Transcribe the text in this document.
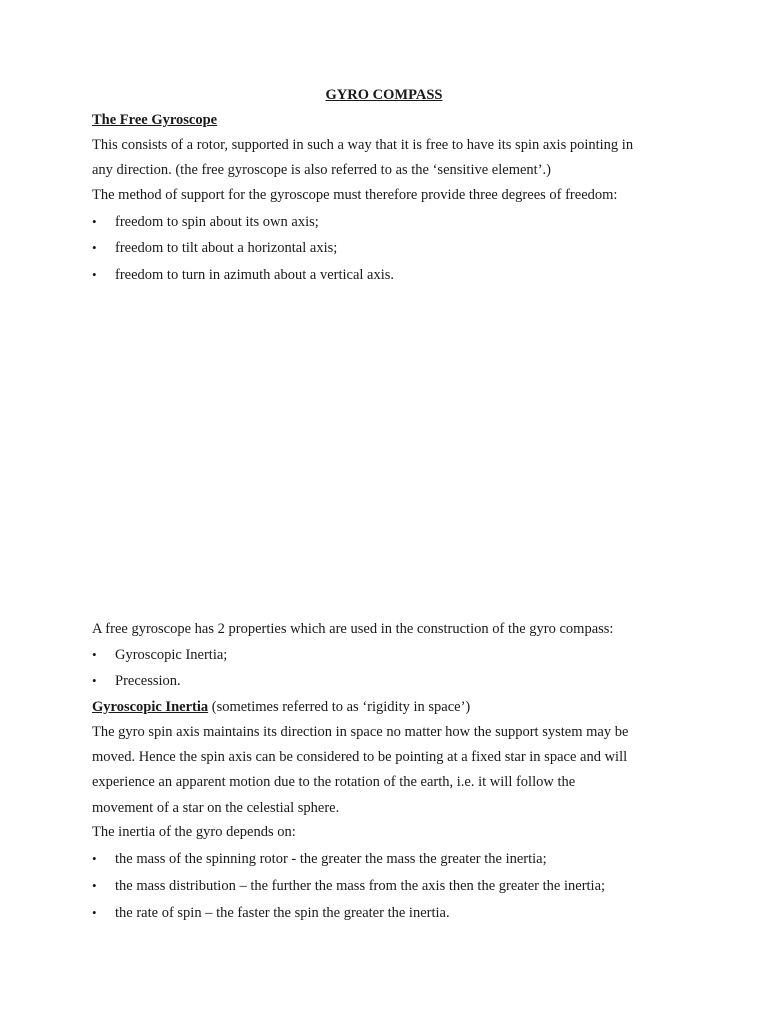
GYRO COMPASS
The Free Gyroscope
This consists of a rotor, supported in such a way that it is free to have its spin axis pointing in
any direction. (the free gyroscope is also referred to as the ‘sensitive element’.)
The method of support for the gyroscope must therefore provide three degrees of freedom:
•	freedom to spin about its own axis;
•	freedom to tilt about a horizontal axis;
•	freedom to turn in azimuth about a vertical axis.
A free gyroscope has 2 properties which are used in the construction of the gyro compass:
•	Gyroscopic Inertia;
•	Precession.
Gyroscopic Inertia (sometimes referred to as ‘rigidity in space’)
The gyro spin axis maintains its direction in space no matter how the support system may be
moved. Hence the spin axis can be considered to be pointing at a fixed star in space and will
experience an apparent motion due to the rotation of the earth, i.e. it will follow the
movement of a star on the celestial sphere.
The inertia of the gyro depends on:
•	the mass of the spinning rotor - the greater the mass the greater the inertia;
•	the mass distribution – the further the mass from the axis then the greater the inertia;
•	the rate of spin – the faster the spin the greater the inertia.
